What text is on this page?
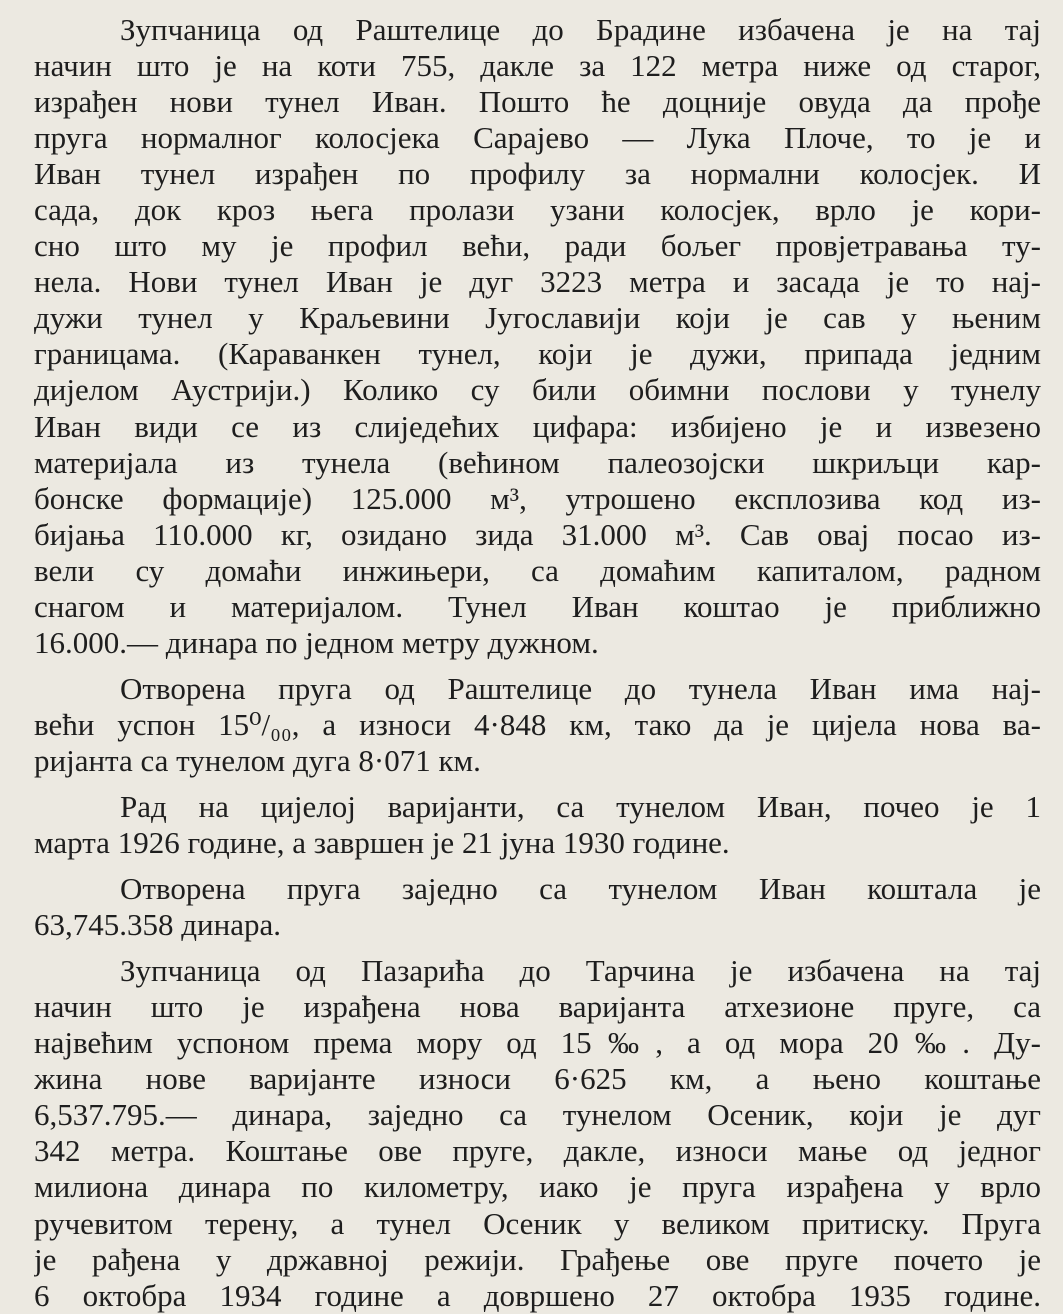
Зупчаница од Раштелице до Брадине избачена је на тај
начин што је на коти 755, дакле за 122 метра ниже од старог,
израђен нови тунел Иван. Пошто ће доцније овуда да прође
пруга нормалног колосјека Сарајево — Лука Плоче, то је и
Иван тунел израђен по профилу за нормални колосјек. И
сада, док кроз њега пролази узани колосјек, врло је кори-
сно што му је профил већи, ради бољег провјетравања ту-
нела. Нови тунел Иван је дуг 3223 метра и засада је то нај-
дужи тунел у Краљевини Југославији који је сав у њеним
границама. (Караванкен тунел, који је дужи, припада једним
дијелом Аустрији.) Колико су били обимни послови у тунелу
Иван види се из слиједећих цифара: избијено је и извезено
материјала из тунела (већином палеозојски шкриљци кар-
бонске формације) 125.000 м³, утрошено експлозива код из-
бијања 110.000 кг, озидано зида 31.000 м³. Сав овај посао из-
вели су домаћи инжињери, са домаћим капиталом, радном
снагом и материјалом. Тунел Иван коштао је приближно
16.000.— динара по једном метру дужном.
Отворена пруга од Раштелице до тунела Иван има нај-
већи успон 15⁰/₀₀, а износи 4·848 км, тако да је цијела нова ва-
ријанта са тунелом дуга 8·071 км.
Рад на цијелој варијанти, са тунелом Иван, почео је 1
марта 1926 године, а завршен је 21 јуна 1930 године.
Отворена пруга заједно са тунелом Иван коштала је
63,745.358 динара.
Зупчаница од Пазарића до Тарчина је избачена на тај
начин што је израђена нова варијанта атхезионе пруге, са
највећим успоном према мору од 15‰, а од мора 20‰. Ду-
жина нове варијанте износи 6·625 км, а њено коштање
6,537.795.— динара, заједно са тунелом Осеник, који је дуг
342 метра. Коштање ове пруге, дакле, износи мање од једног
милиона динара по километру, иако је пруга израђена у врло
ручевитом терену, а тунел Осеник у великом притиску. Пруга
је рађена у државној режији. Грађење ове пруге почето је
6 октобра 1934 године а довршено 27 октобра 1935 године.
